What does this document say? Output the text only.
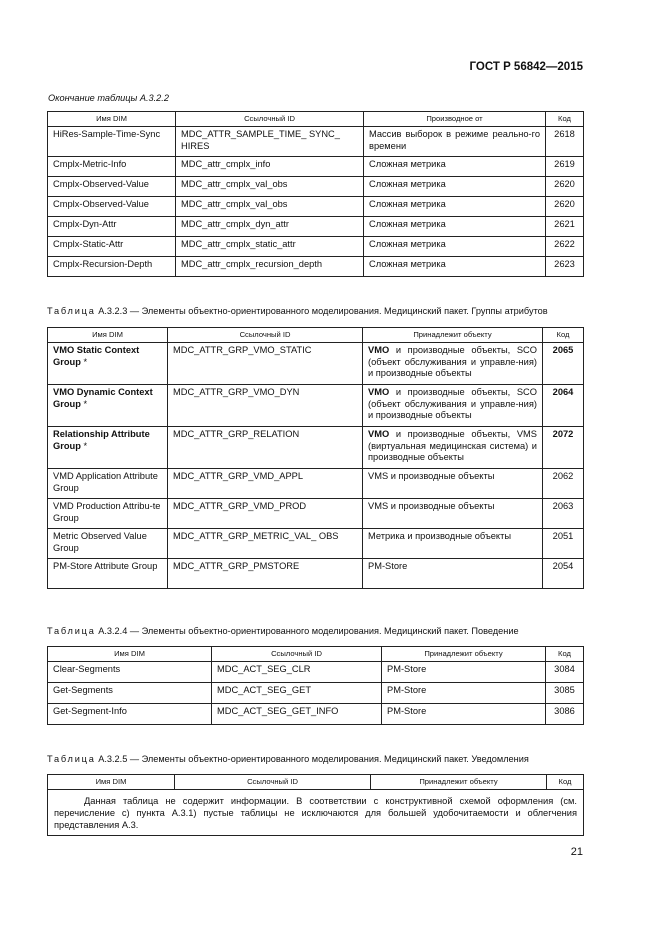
ГОСТ Р 56842—2015
Окончание таблицы А.3.2.2
Имя DIM	Ссылочный ID	Производное от	Код
HiRes-Sample-Time-Sync	MDC_ATTR_SAMPLE_TIME_ SYNC_ HIRES	Массив выборок в режиме реально-го времени	2618
Cmplx-Metric-Info	MDC_attr_cmplx_info	Сложная метрика	2619
Cmplx-Observed-Value	MDC_attr_cmplx_val_obs	Сложная метрика	2620
Cmplx-Observed-Value	MDC_attr_cmplx_val_obs	Сложная метрика	2620
Cmplx-Dyn-Attr	MDC_attr_cmplx_dyn_attr	Сложная метрика	2621
Cmplx-Static-Attr	MDC_attr_cmplx_static_attr	Сложная метрика	2622
Cmplx-Recursion-Depth	MDC_attr_cmplx_recursion_depth	Сложная метрика	2623
Таблица А.3.2.3 — Элементы объектно-ориентированного моделирования. Медицинский пакет. Группы атрибутов
Имя DIM	Ссылочный ID	Принадлежит объекту	Код
VMO Static Context Group *	MDC_ATTR_GRP_VMO_STATIC	VMO и производные объекты, SCO (объект обслуживания и управле-ния) и производные объекты	2065
VMO Dynamic Context Group *	MDC_ATTR_GRP_VMO_DYN	VMO и производные объекты, SCO (объект обслуживания и управле-ния) и производные объекты	2064
Relationship Attribute Group *	MDC_ATTR_GRP_RELATION	VMO и производные объекты, VMS (виртуальная медицинская система) и производные объекты	2072
VMD Application Attribute Group	MDC_ATTR_GRP_VMD_APPL	VMS и производные объекты	2062
VMD Production Attribu-te Group	MDC_ATTR_GRP_VMD_PROD	VMS и производные объекты	2063
Metric Observed Value Group	MDC_ATTR_GRP_METRIC_VAL_ OBS	Метрика и производные объекты	2051
PM-Store Attribute Group	MDC_ATTR_GRP_PMSTORE	PM-Store	2054
Таблица А.3.2.4 — Элементы объектно-ориентированного моделирования. Медицинский пакет. Поведение
Имя DIM	Ссылочный ID	Принадлежит объекту	Код
Clear-Segments	MDC_ACT_SEG_CLR	PM-Store	3084
Get-Segments	MDC_ACT_SEG_GET	PM-Store	3085
Get-Segment-Info	MDC_ACT_SEG_GET_INFO	PM-Store	3086
Таблица А.3.2.5 — Элементы объектно-ориентированного моделирования. Медицинский пакет. Уведомления
Имя DIM	Ссылочный ID	Принадлежит объекту	Код
Данная таблица не содержит информации. В соответствии с конструктивной схемой оформления (см. перечисление с) пункта А.3.1) пустые таблицы не исключаются для большей удобочитаемости и облегчения представления А.3.
21
